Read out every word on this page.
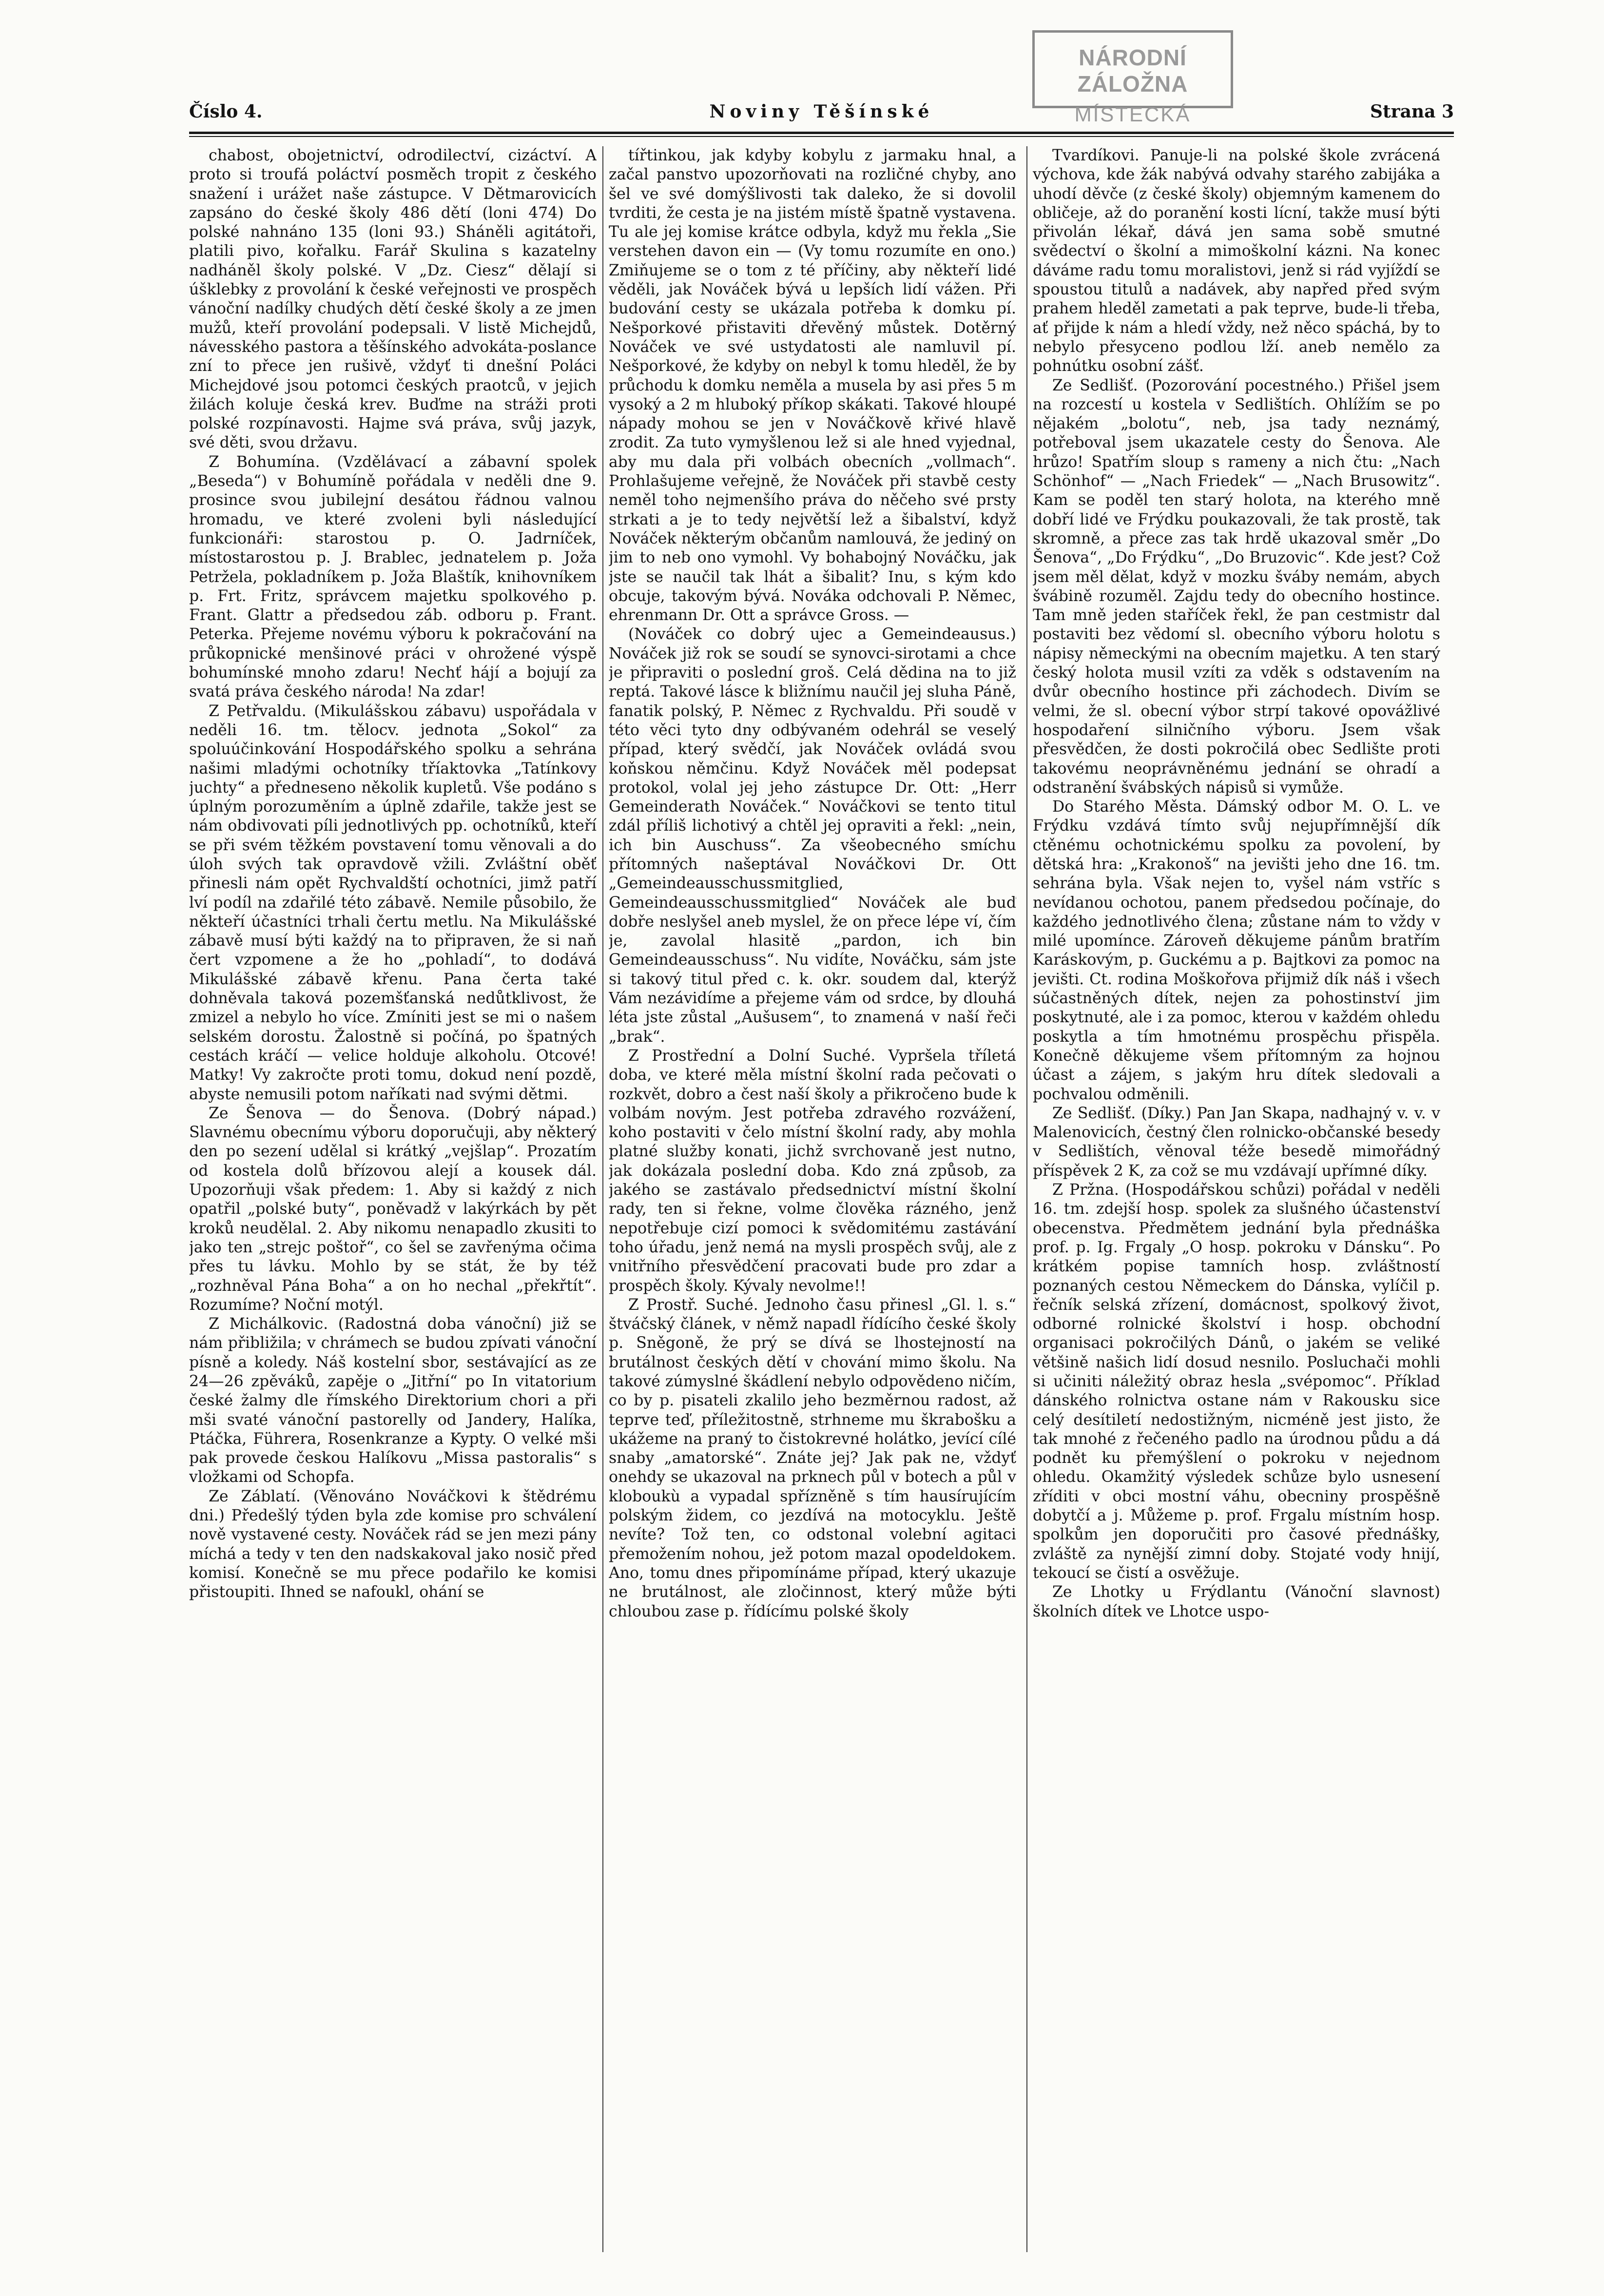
NÁRODNÍ ZÁLOŽNA
MÍSTECKÁ
Číslo 4.	Noviny Těšínské	Strana 3

chabost, obojetnictví, odrodilectví, cizáctví. A proto si troufá poláctví posměch tropit z českého snažení i urážet naše zástupce. V Dětmarovicích zapsáno do české školy 486 dětí (loni 474) Do polské nahnáno 135 (loni 93.) Sháněli agitátoři, platili pivo, kořalku. Farář Skulina s kazatelny nadháněl školy polské. V „Dz. Ciesz“ dělají si úšklebky z provolání k české veřejnosti ve prospěch vánoční nadílky chudých dětí české školy a ze jmen mužů, kteří provolání podepsali. V listě Michejdů, návesského pastora a těšínského advokáta-poslance zní to přece jen rušivě, vždyť ti dnešní Poláci Michejdové jsou potomci českých praotců, v jejich žilách koluje česká krev. Buďme na stráži proti polské rozpínavosti. Hajme svá práva, svůj jazyk, své děti, svou državu.

Z Bohumína. (Vzdělávací a zábavní spolek „Beseda“) v Bohumíně pořádala v neděli dne 9. prosince svou jubilejní desátou řádnou valnou hromadu, ve které zvoleni byli následující funkcionáři: starostou p. O. Jadrníček, místostarostou p. J. Brablec, jednatelem p. Joža Petrželа, pokladníkem p. Joža Blaštík, knihovníkem p. Frt. Fritz, správcem majetku spolkového p. Frant. Glattr a předsedou záb. odboru p. Frant. Peterka. Přejeme novému výboru k pokračování na průkopnické menšinové práci v ohrožené výspě bohumínské mnoho zdaru! Nechť hájí a bojují za svatá práva českého národa! Na zdar!

Z Petřvaldu. (Mikulášskou zábavu) uspořádala v neděli 16. tm. tělocv. jednota „Sokol“ za spoluúčinkování Hospodářského spolku a sehrána našimi mladými ochotníky tříaktovka „Tatínkovy juchty“ a předneseno několik kupletů. Vše podáno s úplným porozuměním a úplně zdařile, takže jest se nám obdivovati píli jednotlivých pp. ochotníků, kteří se při svém těžkém povstavení tomu věnovali a do úloh svých tak opravdově vžili. Zvláštní oběť přinesli nám opět Rychvaldští ochotníci, jimž patří lví podíl na zdařilé této zábavě. Nemile působilo, že někteří účastníci trhali čertu metlu. Na Mikulášské zábavě musí býti každý na to připraven, že si naň čert vzpomene a že ho „pohladí“, to dodává Mikulášské zábavě křenu. Pana čerta také dohněvala taková pozemšťanská nedůtklivost, že zmizel a nebylo ho více. Zmíniti jest se mi o našem selském dorostu. Žalostně si počíná, po špatných cestách kráčí — velice holduje alkoholu. Otcové! Matky! Vy zakročte proti tomu, dokud není pozdě, abyste nemusili potom naříkati nad svými dětmi.

Ze Šenova — do Šenova. (Dobrý nápad.) Slavnému obecnímu výboru doporučuji, aby některý den po sezení udělal si krátký „vejšlap“. Prozatím od kostela dolů břízovou alejí a kousek dál. Upozorňuji však předem: 1. Aby si každý z nich opatřil „polské buty“, poněvadž v lakýrkách by pět kroků neudělal. 2. Aby nikomu nenapadlo zkusiti to jako ten „strejc poštoř“, co šel se zavřenýma očima přes tu lávku. Mohlo by se stát, že by též „rozhněval Pána Boha“ a on ho nechal „překřtít“. Rozumíme? Noční motýl.

Z Michálkovic. (Radostná doba vánoční) již se nám přibližila; v chrámech se budou zpívati vánoční písně a koledy. Náš kostelní sbor, sestávající as ze 24—26 zpěváků, zapěje o „Jitřní“ po In vitatorium české žalmy dle římského Direktorium chori a při mši svaté vánoční pastorelly od Jandery, Halíka, Ptáčka, Führera, Rosenkranze a Kypty. O velké mši pak provede českou Halíkovu „Missa pastoralis“ s vložkami od Schopfa.

Ze Záblatí. (Věnováno Nováčkovi k štědrému dni.) Předešlý týden byla zde komise pro schválení nově vystavené cesty. Nováček rád se jen mezi pány míchá a tedy v ten den nadskakoval jako nosič před komisí. Konečně se mu přece podařilo ke komisi přistoupiti. Ihned se nafoukl, ohání se

tířtinkou, jak kdyby kobylu z jarmaku hnal, a začal panstvo upozorňovati na rozličné chyby, ano šel ve své domýšlivosti tak daleko, že si dovolil tvrditi, že cesta je na jistém místě špatně vystavena. Tu ale jej komise krátce odbyla, když mu řekla „Sie verstehen davon ein — (Vy tomu rozumíte en ono.) Zmiňujeme se o tom z té příčiny, aby někteří lidé věděli, jak Nováček bývá u lepších lidí vážen. Při budování cesty se ukázala potřeba k domku pí. Nešporkové přistaviti dřevěný můstek. Dotěrný Nováček ve své ustydatosti ale namluvil pí. Nešporkové, že kdyby on nebyl k tomu hleděl, že by průchodu k domku neměla a musela by asi přes 5 m vysoký a 2 m hluboký příkop skákati. Takové hloupé nápady mohou se jen v Nováčkově křivé hlavě zrodit. Za tuto vymyšlenou lež si ale hned vyjednal, aby mu dala při volbách obecních „vollmach“. Prohlašujeme veřejně, že Nováček při stavbě cesty neměl toho nejmenšího práva do něčeho své prsty strkati a je to tedy největší lež a šibalství, když Nováček některým občanům namlouvá, že jediný on jim to neb ono vymohl. Vy bohabojný Nováčku, jak jste se naučil tak lhát a šibalit? Inu, s kým kdo obcuje, takovým bývá. Nováka odchovali P. Němec, ehrenmann Dr. Ott a správce Gross. —

(Nováček co dobrý ujec a Gemeindeausus.) Nováček již rok se soudí se synovci-sirotami a chce je připraviti o poslední groš. Celá dědina na to již reptá. Takové lásce k bližnímu naučil jej sluha Páně, fanatik polský, P. Němec z Rychvaldu. Při soudě v této věci tyto dny odbývaném odehrál se veselý případ, který svědčí, jak Nováček ovládá svou koňskou němčinu. Když Nováček měl podepsat protokol, volal jej jeho zástupce Dr. Ott: „Herr Gemeinderath Nováček.“ Nováčkovi se tento titul zdál příliš lichotivý a chtěl jej opraviti a řekl: „nein, ich bin Auschuss“. Za všeobecného smíchu přítomných našeptával Nováčkovi Dr. Ott „Gemeindeausschussmitglied, Gemeindeausschussmitglied“ Nováček ale buď dobře neslyšel aneb myslel, že on přece lépe ví, čím je, zavolal hlasitě „pardon, ich bin Gemeindeausschuss“. Nu vidíte, Nováčku, sám jste si takový titul před c. k. okr. soudem dal, kterýž Vám nezávidíme a přejeme vám od srdce, by dlouhá léta jste zůstal „Aušusem“, to znamená v naší řeči „brak“.

Z Prostřední a Dolní Suché. Vypršela tříletá doba, ve které měla místní školní rada pečovati o rozkvět, dobro a čest naší školy a přikročeno bude k volbám novým. Jest potřeba zdravého rozvážení, koho postaviti v čelo místní školní rady, aby mohla platné služby konati, jichž svrchovaně jest nutno, jak dokázala poslední doba. Kdo zná způsob, za jakého se zastávalo předsednictví místní školní rady, ten si řekne, volme člověka rázného, jenž nepotřebuje cizí pomoci k svědomitému zastávání toho úřadu, jenž nemá na mysli prospěch svůj, ale z vnitřního přesvědčení pracovati bude pro zdar a prospěch školy. Kývaly nevolme!!

Z Prostř. Suché. Jednoho času přinesl „Gl. l. s.“ štváčský článek, v němž napadl řídícího české školy p. Sněgoně, že prý se dívá se lhostejností na brutálnost českých dětí v chování mimo školu. Na takové zúmyslné škádlení nebylo odpovědeno ničím, co by p. pisateli zkalilo jeho bezměrnou radost, až teprve teď, příležitostně, strhneme mu škrabošku a ukážeme na praný to čistokrevné holátko, jevící cílé snaby „amatorské“. Znáte jej? Jak pak ne, vždyť onehdy se ukazoval na prknech půl v botech a půl v kloboukù a vypadal spřízněně s tím hausírujícím polským židem, co jezdívá na motocyklu. Ještě nevíte? Tož ten, co odstonal volební agitaci přemožením nohou, jež potom mazal opodeldokem. Ano, tomu dnes připomínáme případ, který ukazuje ne brutálnost, ale zločinnost, který může býti chloubou zase p. řídícímu polské školy

Tvardíkovi. Panuje-li na polské škole zvrácená výchova, kde žák nabývá odvahy starého zabijáka a uhodí děvče (z české školy) objemným kamenem do obličeje, až do poranění kosti lícní, takže musí býti přivolán lékař, dává jen sama sobě smutné svědectví o školní a mimoškolní kázni. Na konec dáváme radu tomu moralistovi, jenž si rád vyjíždí se spoustou titulů a nadávek, aby napřed před svým prahem hleděl zametati a pak teprve, bude-li třeba, ať přijde k nám a hledí vždy, než něco spáchá, by to nebylo přesyceno podlou lží. aneb nemělo za pohnútku osobní zášť.

Ze Sedlišť. (Pozorování pocestného.) Přišel jsem na rozcestí u kostela v Sedlištích. Ohlížím se po nějakém „bolotu“, neb, jsa tady neznámý, potřeboval jsem ukazatele cesty do Šenova. Ale hrůzo! Spatřím sloup s rameny a nich čtu: „Nach Schönhof“ — „Nach Friedek“ — „Nach Brusowitz“. Kam se poděl ten starý holota, na kterého mně dobří lidé ve Frýdku poukazovali, že tak prostě, tak skromně, a přece zas tak hrdě ukazoval směr „Do Šenova“, „Do Frýdku“, „Do Bruzovic“. Kde jest? Což jsem měl dělat, když v mozku šváby nemám, abych švábině rozuměl. Zajdu tedy do obecního hostince. Tam mně jeden staříček řekl, že pan cestmistr dal postaviti bez vědomí sl. obecního výboru holotu s nápisy německými na obecním majetku. A ten starý český holota musil vzíti za vděk s odstavením na dvůr obecního hostince při záchodech. Divím se velmi, že sl. obecní výbor strpí takové opovážlivé hospodaření silničního výboru. Jsem však přesvědčen, že dosti pokročilá obec Sedlište proti takovému neoprávněnému jednání se ohradí a odstranění švábských nápisů si vymůže.

Do Starého Města. Dámský odbor M. O. L. ve Frýdku vzdává tímto svůj nejupřímnější dík ctěnému ochotnickému spolku za povolení, by dětská hra: „Krakonoš“ na jevišti jeho dne 16. tm. sehrána byla. Však nejen to, vyšel nám vstříc s nevídanou ochotou, panem předsedou počínaje, do každého jednotlivého člena; zůstane nám to vždy v milé upomínce. Zároveň děkujeme pánům bratřím Karáskovým, p. Guckému a p. Bajtkovi za pomoc na jevišti. Ct. rodina Moškořova přijmiž dík náš i všech súčastněných dítek, nejen za pohostinství jim poskytnuté, ale i za pomoc, kterou v každém ohledu poskytla a tím hmotnému prospěchu přispěla. Konečně děkujeme všem přítomným za hojnou účast a zájem, s jakým hru dítek sledovali a pochvalou odměnili.

Ze Sedlišť. (Díky.) Pan Jan Skapa, nadhajný v. v. v Malenovicích, čestný člen rolnicko-občanské besedy v Sedlištích, věnoval téže besedě mimořádný příspěvek 2 K, za což se mu vzdávají upřímné díky.

Z Pržna. (Hospodářskou schůzi) pořádal v neděli 16. tm. zdejší hosp. spolek za slušného účastenství obecenstva. Předmětem jednání byla přednáška prof. p. Ig. Frgaly „O hosp. pokroku v Dánsku“. Po krátkém popise tamních hosp. zvláštností poznaných cestou Německem do Dánska, vylíčil p. řečník selská zřízení, domácnost, spolkový život, odborné rolnické školství i hosp. obchodní organisaci pokročilých Dánů, o jakém se veliké většině našich lidí dosud nesnilo. Posluchači mohli si učiniti náležitý obraz hesla „svépomoc“. Příklad dánského rolnictva ostane nám v Rakousku sice celý desítiletí nedostižným, nicméně jest jisto, že tak mnohé z řečeného padlo na úrodnou půdu a dá podnět ku přemýšlení o pokroku v nejednom ohledu. Okamžitý výsledek schůze bylo usnesení zříditi v obci mostní váhu, obecniny prospěšně dobytčí a j. Můžeme p. prof. Frgalu místním hosp. spolkům jen doporučiti pro časové přednášky, zvláště za nynější zimní doby. Stojaté vody hnijí, tekoucí se čistí a osvěžuje.

Ze Lhotky u Frýdlantu (Vánoční slavnost) školních dítek ve Lhotce uspo-
